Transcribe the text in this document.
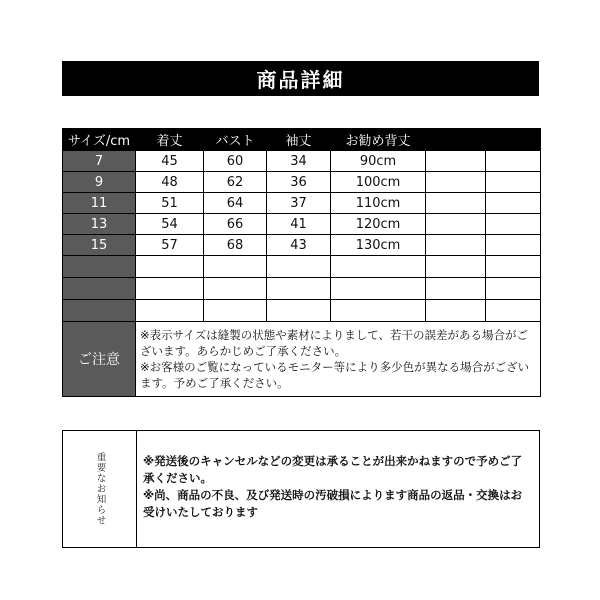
商品詳細
サイズ/cm	着丈	バスト	袖丈	お勧め背丈		
7	45	60	34	90cm		
9	48	62	36	100cm		
11	51	64	37	110cm		
13	54	66	41	120cm		
15	57	68	43	130cm		

ご注意	※表示サイズは縫製の状態や素材によりまして、若干の誤差がある場合がございます。あらかじめご了承ください。

※お客様のご覧になっているモニター等により多少色が異なる場合がございます。予めご了承ください。					

重要なお知らせ	※発送後のキャンセルなどの変更は承ることが出来かねますので予めご了承ください。

※尚、商品の不良、及び発送時の汚破損によります商品の返品・交換はお受けいたしております
